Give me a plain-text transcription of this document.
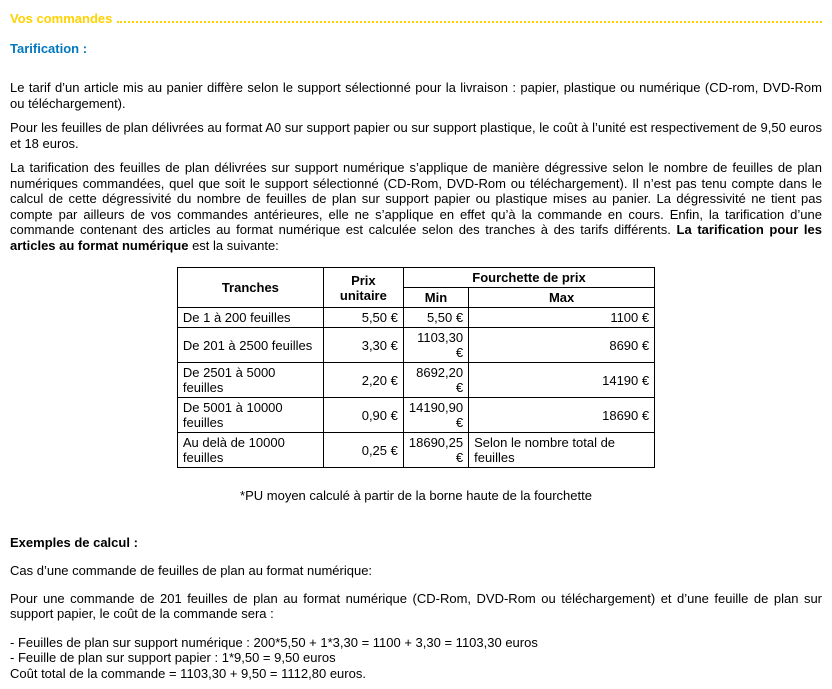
Vos commandes
Tarification :

Le tarif d’un article mis au panier diffère selon le support sélectionné pour la livraison : papier, plastique ou numérique (CD-rom, DVD-Rom ou téléchargement).

Pour les feuilles de plan délivrées au format A0 sur support papier ou sur support plastique, le coût à l’unité est respectivement de 9,50 euros et 18 euros.

La tarification des feuilles de plan délivrées sur support numérique s’applique de manière dégressive selon le nombre de feuilles de plan numériques commandées, quel que soit le support sélectionné (CD-Rom, DVD-Rom ou téléchargement). Il n’est pas tenu compte dans le calcul de cette dégressivité du nombre de feuilles de plan sur support papier ou plastique mises au panier. La dégressivité ne tient pas compte par ailleurs de vos commandes antérieures, elle ne s’applique en effet qu’à la commande en cours. Enfin, la tarification d’une commande contenant des articles au format numérique est calculée selon des tranches à des tarifs différents. La tarification pour les articles au format numérique est la suivante:

Tranches	Prix unitaire	Fourchette de prix	
		Min	Max
De 1 à 200 feuilles	5,50 €	5,50 €	1100 €
De 201 à 2500 feuilles	3,30 €	1103,30 €	8690 €
De 2501 à 5000 feuilles	2,20 €	8692,20 €	14190 €
De 5001 à 10000 feuilles	0,90 €	14190,90 €	18690 €
Au delà de 10000 feuilles	0,25 €	18690,25 €	Selon le nombre total de feuilles
*PU moyen calculé à partir de la borne haute de la fourchette
Exemples de calcul :

Cas d’une commande de feuilles de plan au format numérique:

Pour une commande de 201 feuilles de plan au format numérique (CD-Rom, DVD-Rom ou téléchargement) et d’une feuille de plan sur support papier, le coût de la commande sera :

- Feuilles de plan sur support numérique : 200*5,50 + 1*3,30 = 1100 + 3,30 = 1103,30 euros
- Feuille de plan sur support papier : 1*9,50 = 9,50 euros
Coût total de la commande = 1103,30 + 9,50 = 1112,80 euros.
